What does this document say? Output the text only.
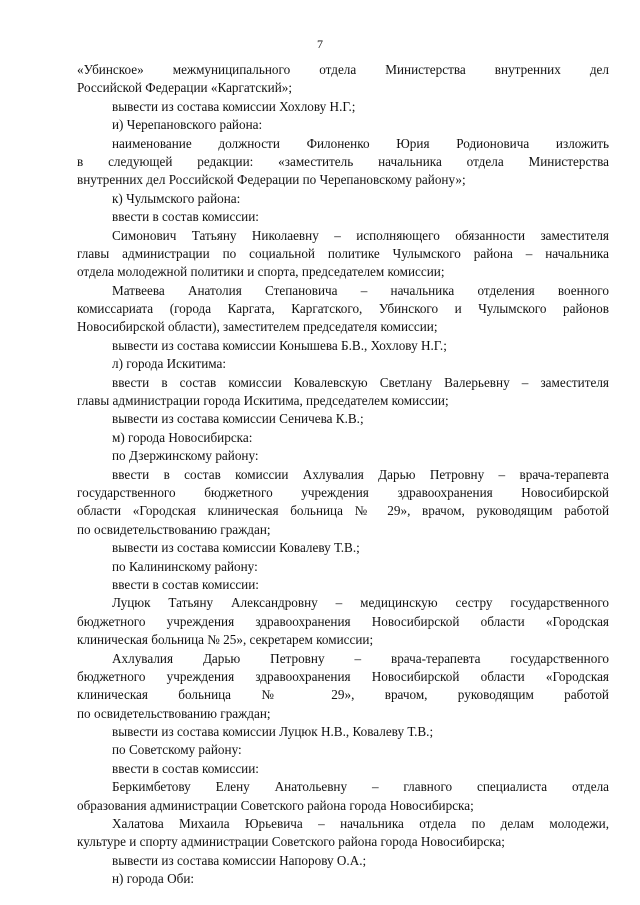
7
«Убинское» межмуниципального отдела Министерства внутренних дел
Российской Федерации «Каргатский»;
вывести из состава комиссии Хохлову Н.Г.;
и) Черепановского района:
наименование должности Филоненко Юрия Родионовича изложить
в следующей редакции: «заместитель начальника отдела Министерства
внутренних дел Российской Федерации по Черепановскому району»;
к) Чулымского района:
ввести в состав комиссии:
Симонович Татьяну Николаевну – исполняющего обязанности заместителя
главы администрации по социальной политике Чулымского района – начальника
отдела молодежной политики и спорта, председателем комиссии;
Матвеева Анатолия Степановича – начальника отделения военного
комиссариата (города Каргата, Каргатского, Убинского и Чулымского районов
Новосибирской области), заместителем председателя комиссии;
вывести из состава комиссии Конышева Б.В., Хохлову Н.Г.;
л) города Искитима:
ввести в состав комиссии Ковалевскую Светлану Валерьевну – заместителя
главы администрации города Искитима, председателем комиссии;
вывести из состава комиссии Сеничева К.В.;
м) города Новосибирска:
по Дзержинскому району:
ввести в состав комиссии Ахлувалия Дарью Петровну – врача-терапевта
государственного бюджетного учреждения здравоохранения Новосибирской
области «Городская клиническая больница № 29», врачом, руководящим работой
по освидетельствованию граждан;
вывести из состава комиссии Ковалеву Т.В.;
по Калининскому району:
ввести в состав комиссии:
Луцюк Татьяну Александровну – медицинскую сестру государственного
бюджетного учреждения здравоохранения Новосибирской области «Городская
клиническая больница № 25», секретарем комиссии;
Ахлувалия Дарью Петровну – врача-терапевта государственного
бюджетного учреждения здравоохранения Новосибирской области «Городская
клиническая больница № 29», врачом, руководящим работой
по освидетельствованию граждан;
вывести из состава комиссии Луцюк Н.В., Ковалеву Т.В.;
по Советскому району:
ввести в состав комиссии:
Беркимбетову Елену Анатольевну – главного специалиста отдела
образования администрации Советского района города Новосибирска;
Халатова Михаила Юрьевича – начальника отдела по делам молодежи,
культуре и спорту администрации Советского района города Новосибирска;
вывести из состава комиссии Напорову О.А.;
н) города Оби:
